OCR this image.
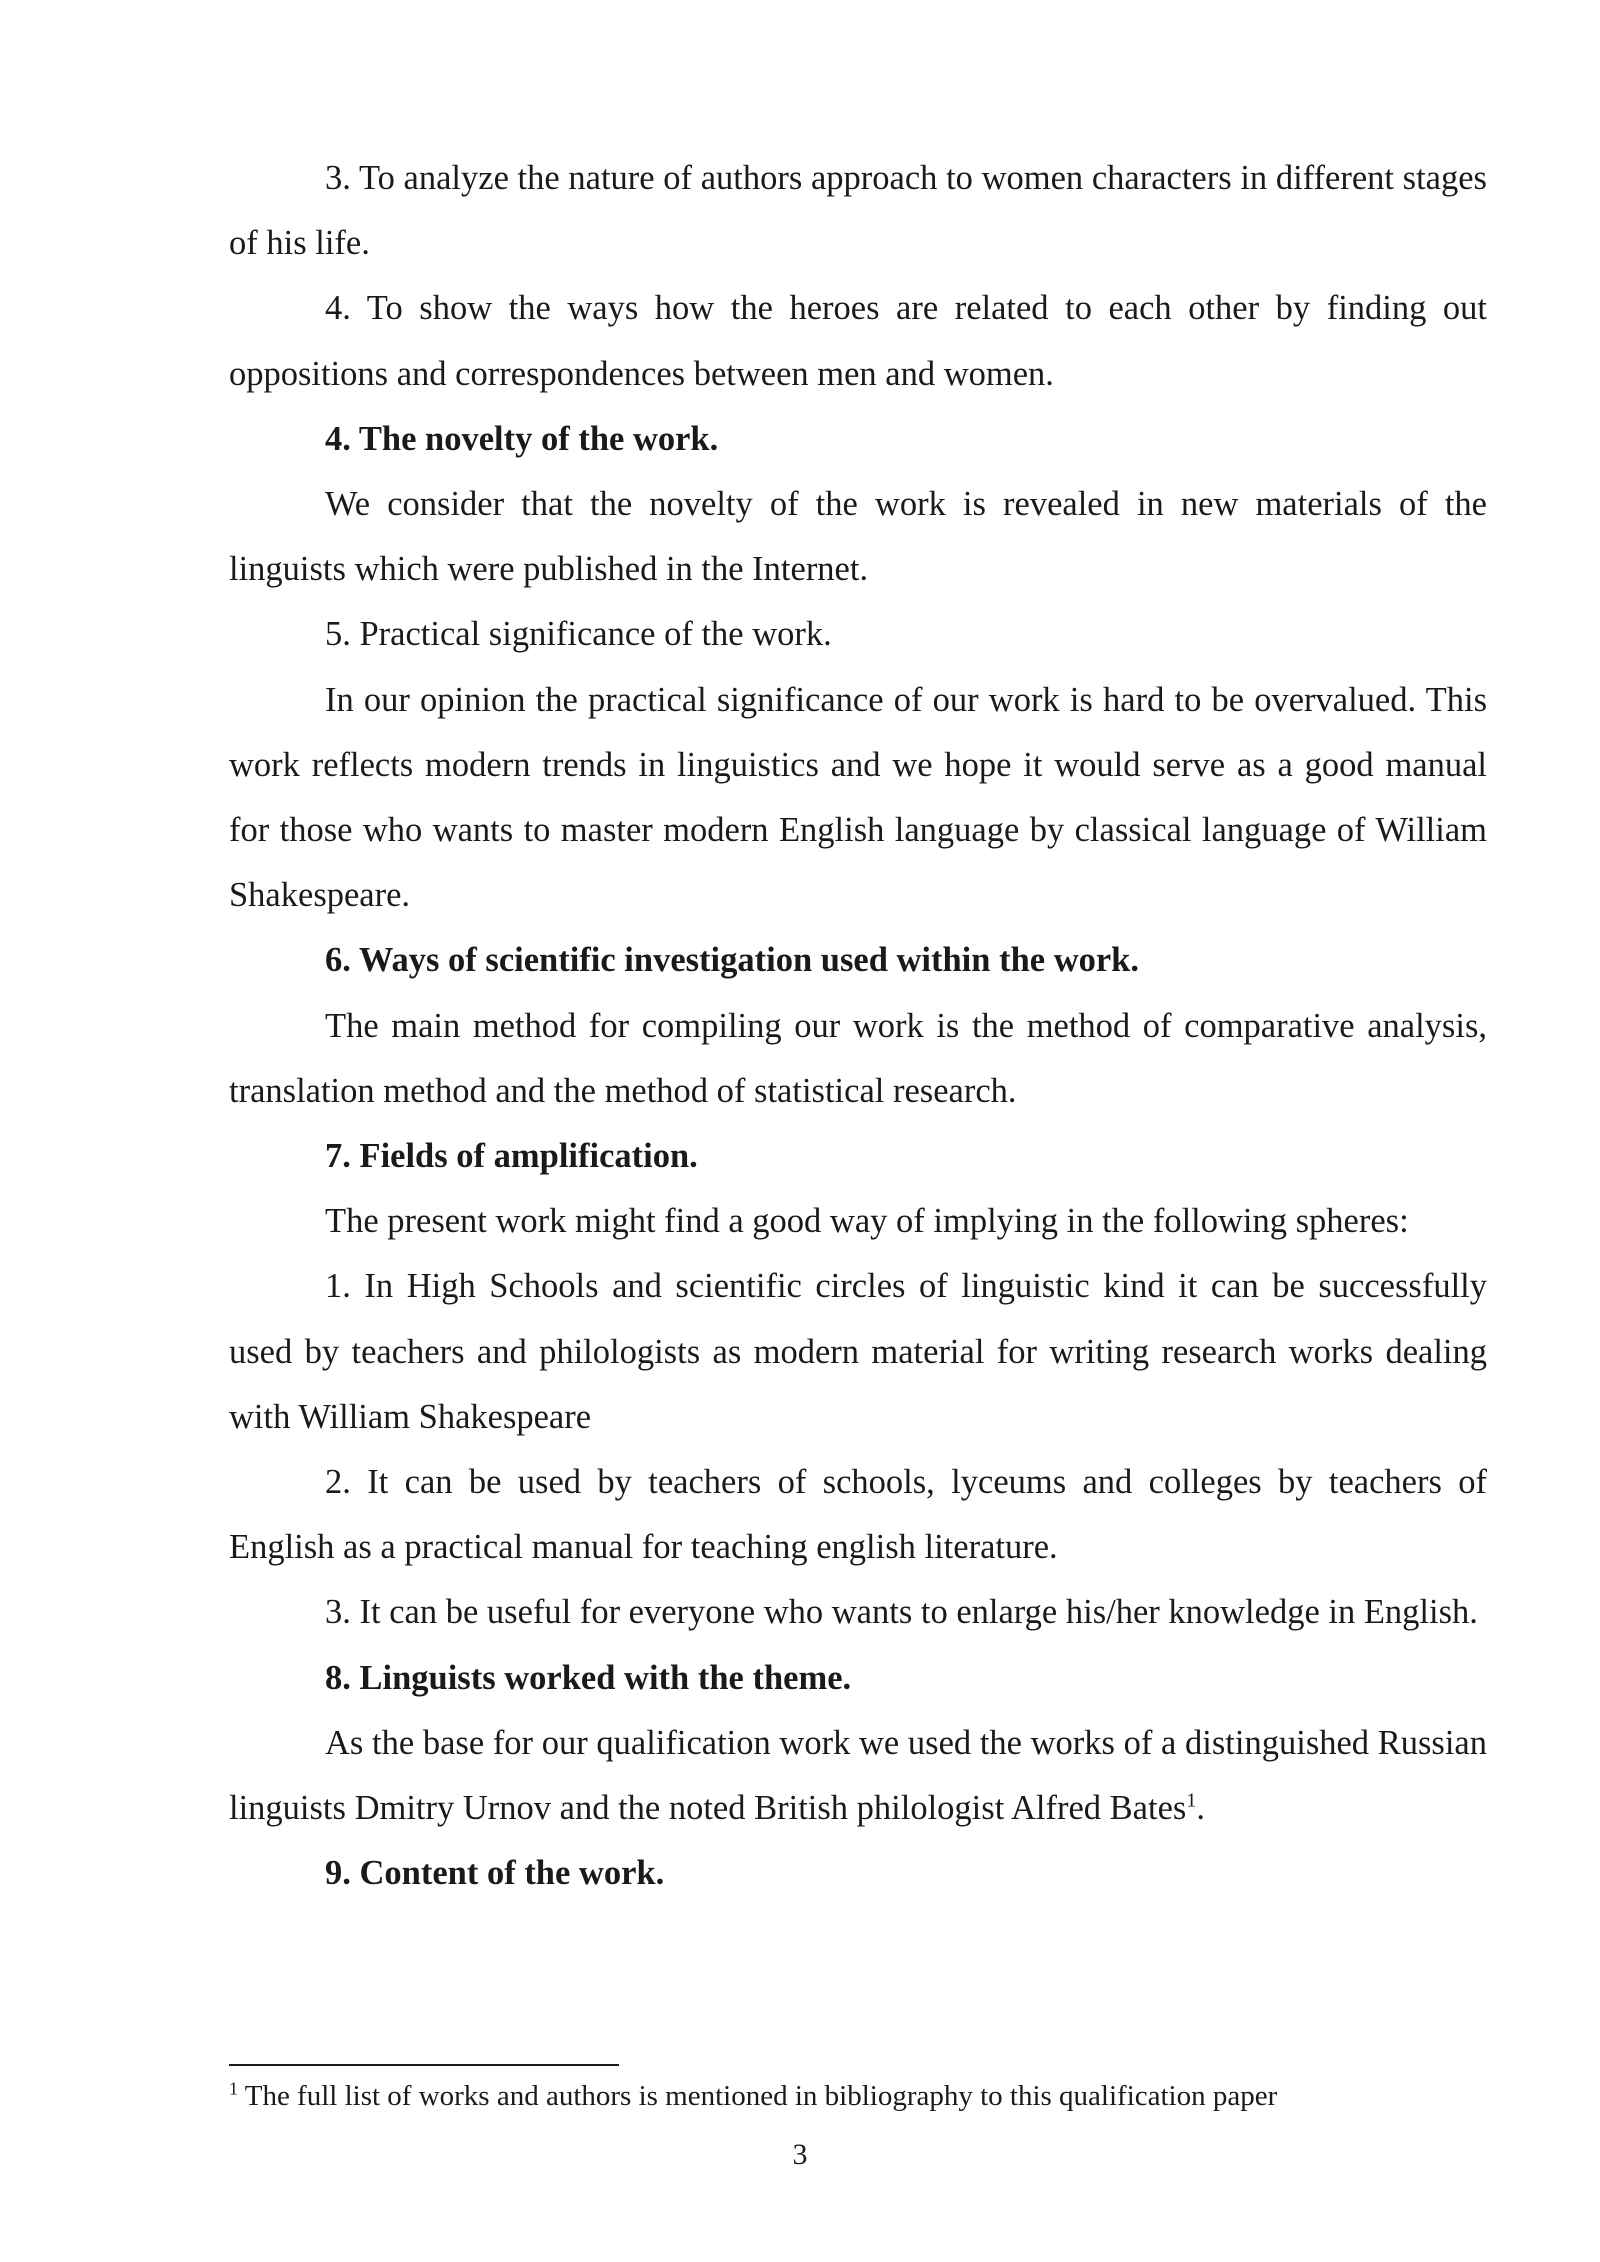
3. To analyze the nature of authors approach to women characters in different stages of his life.

4. To show the ways how the heroes are related to each other by finding out oppositions and correspondences between men and women.

4. The novelty of the work.

We consider that the novelty of the work is revealed in new materials of the linguists which were published in the Internet.

5. Practical significance of the work.

In our opinion the practical significance of our work is hard to be overvalued. This work reflects modern trends in linguistics and we hope it would serve as a good manual for those who wants to master modern English language by classical language of William Shakespeare.

6. Ways of scientific investigation used within the work.

The main method for compiling our work is the method of comparative analysis, translation method and the method of statistical research.

7. Fields of amplification.

The present work might find a good way of implying in the following spheres:

1. In High Schools and scientific circles of linguistic kind it can be successfully used by teachers and philologists as modern material for writing research works dealing with William Shakespeare

2. It can be used by teachers of schools, lyceums and colleges by teachers of English as a practical manual for teaching english literature.

3. It can be useful for everyone who wants to enlarge his/her knowledge in English.

8. Linguists worked with the theme.

As the base for our qualification work we used the works of a distinguished Russian linguists Dmitry Urnov and the noted British philologist Alfred Bates$^1$.

9. Content of the work.

$^1$ The full list of works and authors is mentioned in bibliography to this qualification paper

3
